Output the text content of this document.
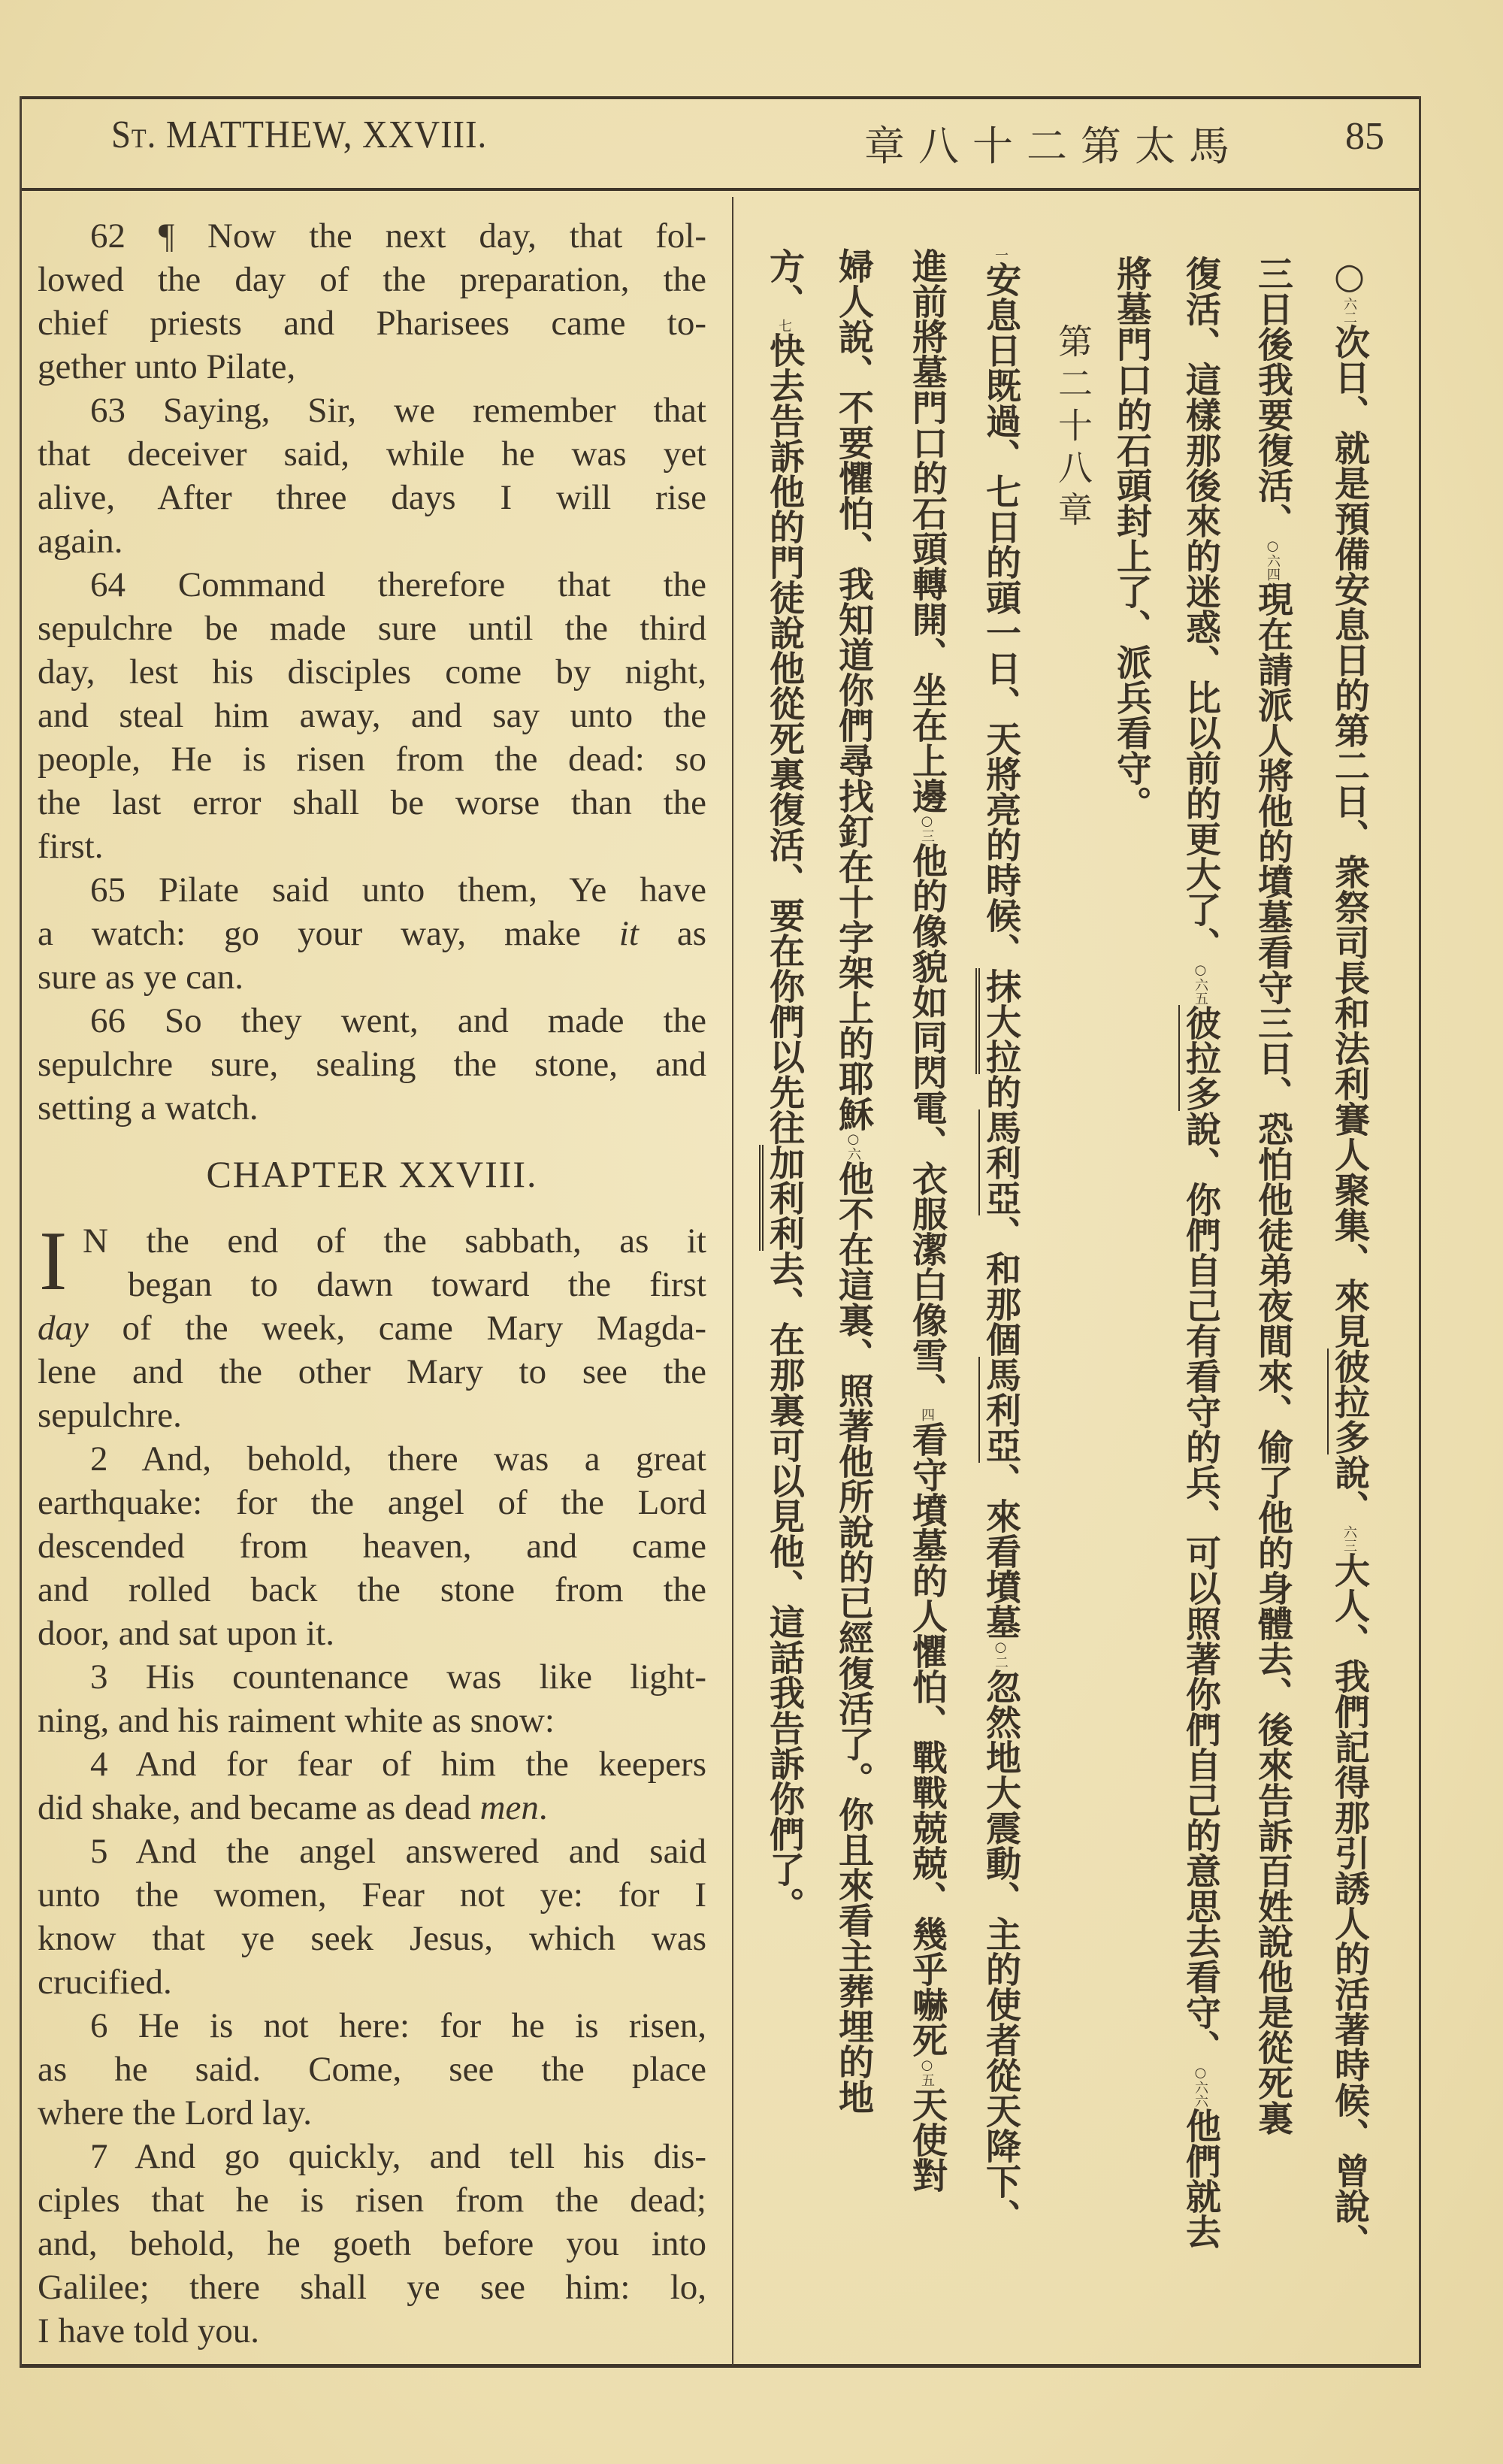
St. MATTHEW, XXVIII.	章八十二第太馬	85
62 ¶ Now the next day, that fol-
lowed the day of the preparation, the
chief priests and Pharisees came to-
gether unto Pilate,
63 Saying, Sir, we remember that
that deceiver said, while he was yet
alive, After three days I will rise
again.
64 Command therefore that the
sepulchre be made sure until the third
day, lest his disciples come by night,
and steal him away, and say unto the
people, He is risen from the dead: so
the last error shall be worse than the
first.
65 Pilate said unto them, Ye have
a watch: go your way, make it as
sure as ye can.
66 So they went, and made the
sepulchre sure, sealing the stone, and
setting a watch.
CHAPTER XXVIII.
I N the end of the sabbath, as it
began to dawn toward the first
day of the week, came Mary Magda-
lene and the other Mary to see the
sepulchre.
2 And, behold, there was a great
earthquake: for the angel of the Lord
descended from heaven, and came
and rolled back the stone from the
door, and sat upon it.
3 His countenance was like light-
ning, and his raiment white as snow:
4 And for fear of him the keepers
did shake, and became as dead men.
5 And the angel answered and said
unto the women, Fear not ye: for I
know that ye seek Jesus, which was
crucified.
6 He is not here: for he is risen,
as he said. Come, see the place
where the Lord lay.
7 And go quickly, and tell his dis-
ciples that he is risen from the dead;
and, behold, he goeth before you into
Galilee; there shall ye see him: lo,
I have told you.
第二十八章
○六二次日、就是預備安息日的第二日、衆祭司長和法利賽人聚集、來見彼拉多說、六三大人、我們記得那引誘人的活著時候、曾說、
三日後我要復活、○六四現在請派人將他的墳墓看守三日、恐怕他徒弟夜間來、偷了他的身體去、後來告訴百姓說他是從死裏
復活、這樣那後來的迷惑、比以前的更大了、○六五彼拉多說、你們自己有看守的兵、可以照著你們自己的意思去看守、○六六他們就去
將墓門口的石頭封上了、派兵看守。
一安息日既過、七日的頭一日、天將亮的時候、抹大拉的馬利亞、和那個馬利亞、來看墳墓○二忽然地大震動、主的使者從天降下、
進前將墓門口的石頭轉開、坐在上邊○三他的像貌如同閃電、衣服潔白像雪、四看守墳墓的人懼怕、戰戰兢兢、幾乎嚇死○五天使對
婦人說、不要懼怕、我知道你們尋找釘在十字架上的耶穌○六他不在這裏、照著他所說的已經復活了。你且來看主葬埋的地
方、七快去告訴他的門徒說他從死裏復活、要在你們以先往加利利去、在那裏可以見他、這話我告訴你們了。
